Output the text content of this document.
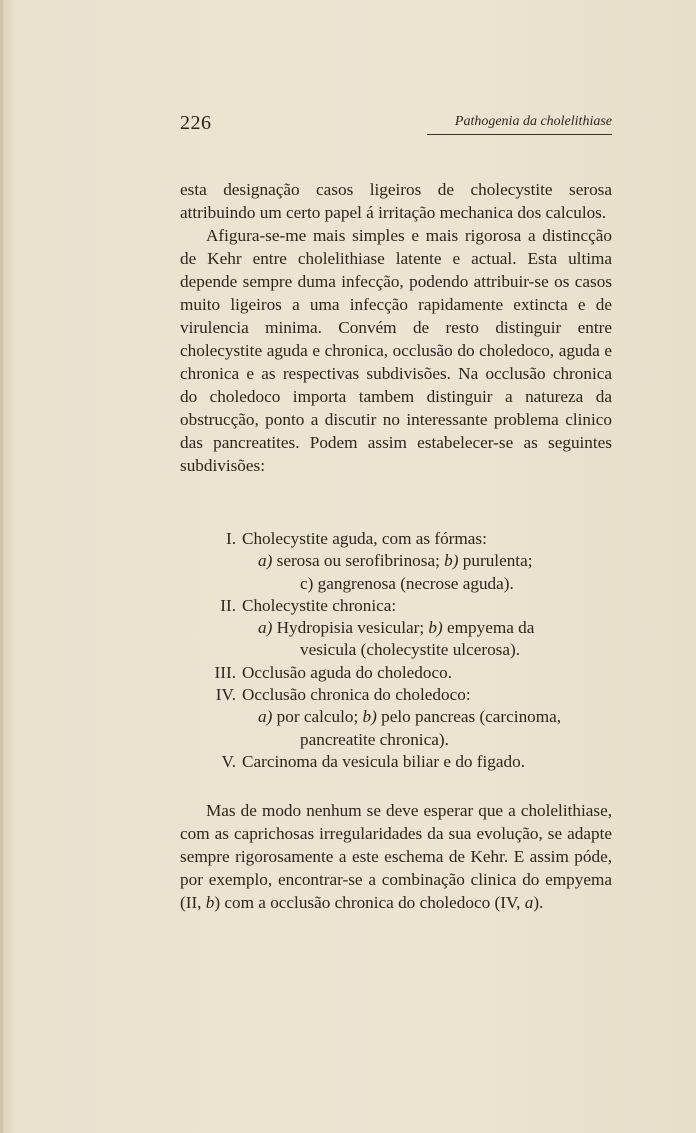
226	Pathogenia da cholelithiase

esta designação casos ligeiros de cholecystite serosa attribuindo um certo papel á irritação mechanica dos calculos.

Afigura-se-me mais simples e mais rigorosa a distincção de Kehr entre cholelithiase latente e actual. Esta ultima depende sempre duma infecção, podendo attribuir-se os casos muito ligeiros a uma infecção rapidamente extincta e de virulencia minima. Convém de resto distinguir entre cholecystite aguda e chronica, occlusão do choledoco, aguda e chronica e as respectivas subdivisões. Na occlusão chronica do choledoco importa tambem distinguir a natureza da obstrucção, ponto a discutir no interessante problema clinico das pancreatites. Podem assim estabelecer-se as seguintes subdivisões:

I. Cholecystite aguda, com as fórmas:
a) serosa ou serofibrinosa; b) purulenta;
c) gangrenosa (necrose aguda).
II. Cholecystite chronica:
a) Hydropisia vesicular; b) empyema da
vesicula (cholecystite ulcerosa).
III. Occlusão aguda do choledoco.
IV. Occlusão chronica do choledoco:
a) por calculo; b) pelo pancreas (carcinoma,
pancreatite chronica).
V. Carcinoma da vesicula biliar e do figado.

Mas de modo nenhum se deve esperar que a cholelithiase, com as caprichosas irregularidades da sua evolução, se adapte sempre rigorosamente a este eschema de Kehr. E assim póde, por exemplo, encontrar-se a combinação clinica do empyema (II, b) com a occlusão chronica do choledoco (IV, a).
